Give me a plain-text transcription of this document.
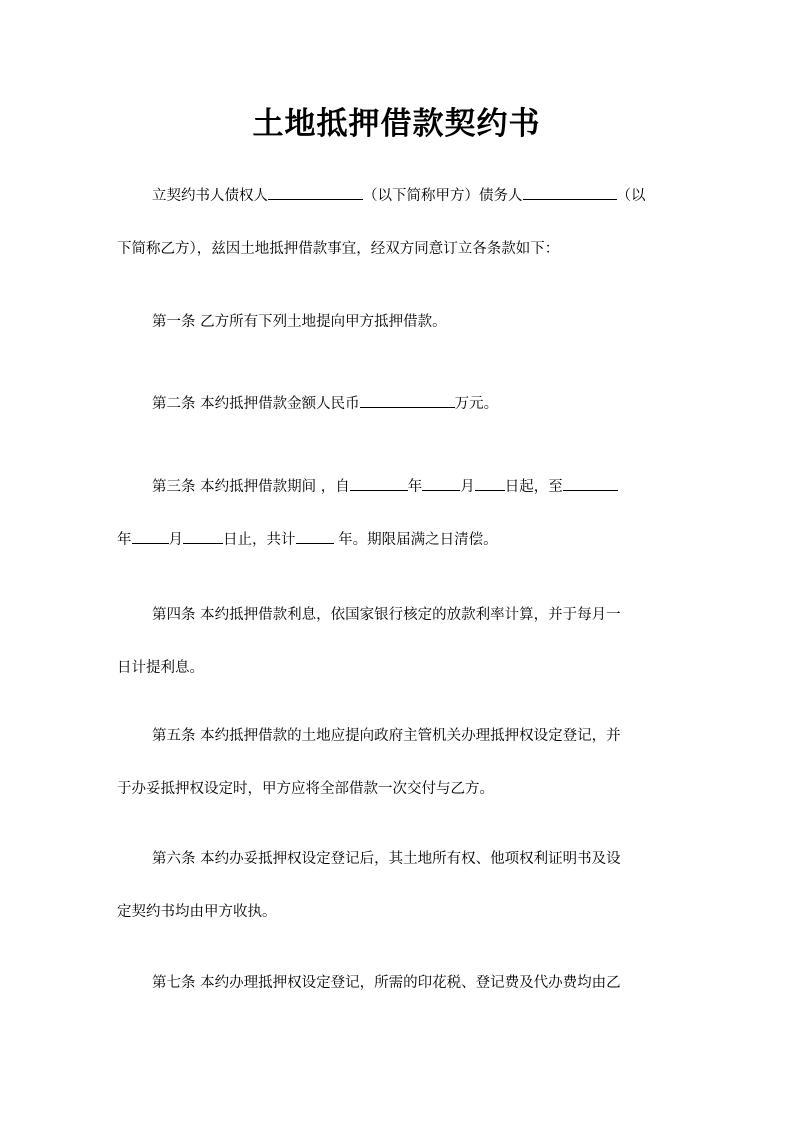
土地抵押借款契约书
立契约书人债权人	（以下简称甲方）债务人	（以
下简称乙方），兹因土地抵押借款事宜，经双方同意订立各条款如下：
第一条 乙方所有下列土地提向甲方抵押借款。
第二条 本约抵押借款金额人民币	万元。
第三条 本约抵押借款期间 ，自	年	月 日起，至
年	月	日止，共计	年。期限届满之日清偿。
第四条 本约抵押借款利息，依国家银行核定的放款利率计算，并于每月一
日计提利息。
第五条 本约抵押借款的土地应提向政府主管机关办理抵押权设定登记，并
于办妥抵押权设定时，甲方应将全部借款一次交付与乙方。
第六条 本约办妥抵押权设定登记后，其土地所有权、他项权利证明书及设
定契约书均由甲方收执。
第七条 本约办理抵押权设定登记，所需的印花税、登记费及代办费均由乙
